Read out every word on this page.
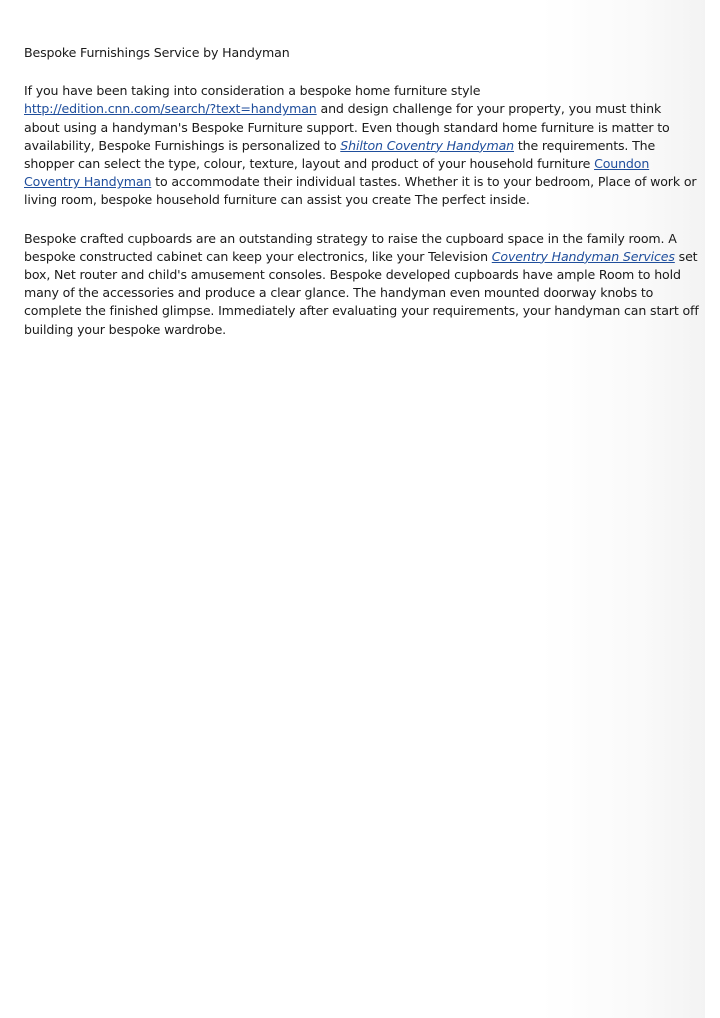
Bespoke Furnishings Service by Handyman
If you have been taking into consideration a bespoke home furniture style
http://edition.cnn.com/search/?text=handyman and design challenge for your property, you must think about using a handyman's Bespoke Furniture support. Even though standard home furniture is matter to availability, Bespoke Furnishings is personalized to Shilton Coventry Handyman the requirements. The shopper can select the type, colour, texture, layout and product of your household furniture Coundon Coventry Handyman to accommodate their individual tastes. Whether it is to your bedroom, Place of work or living room, bespoke household furniture can assist you create The perfect inside.
Bespoke crafted cupboards are an outstanding strategy to raise the cupboard space in the family room. A bespoke constructed cabinet can keep your electronics, like your Television Coventry Handyman Services set box, Net router and child's amusement consoles. Bespoke developed cupboards have ample Room to hold many of the accessories and produce a clear glance. The handyman even mounted doorway knobs to complete the finished glimpse. Immediately after evaluating your requirements, your handyman can start off building your bespoke wardrobe.
